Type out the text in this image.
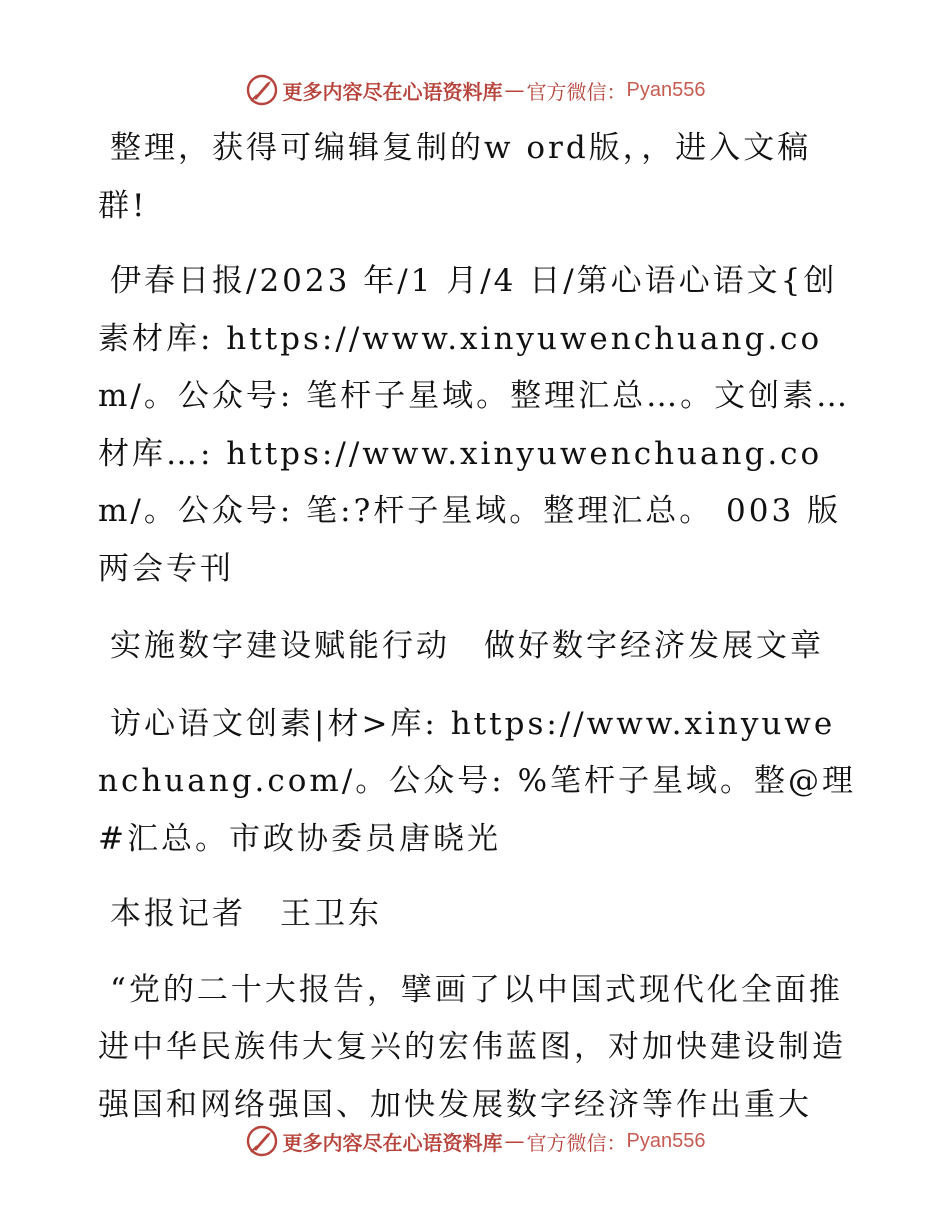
更多内容尽在心语资料库 — 官方微信： Pyan556

整理，获得可编辑复制的w ord版，，进入文稿群!

伊春日报/2023 年/1 月/4 日/第心语心语文{创素材库: https://www.xinyuwenchuang.com/。公众号: 笔杆子星域。整理汇总…。文创素…材库…: https://www.xinyuwenchuang.com/。公众号: 笔:?杆子星域。整理汇总。 003 版两会专刊

实施数字建设赋能行动　做好数字经济发展文章

访心语文创素|材>库: https://www.xinyuwenchuang.com/。公众号: %笔杆子星域。整@理#汇总。市政协委员唐晓光

本报记者　王卫东

“党的二十大报告，擘画了以中国式现代化全面推进中华民族伟大复兴的宏伟蓝图，对加快建设制造强国和网络强国、加快发展数字经济等作出重大

更多内容尽在心语资料库 — 官方微信： Pyan556
